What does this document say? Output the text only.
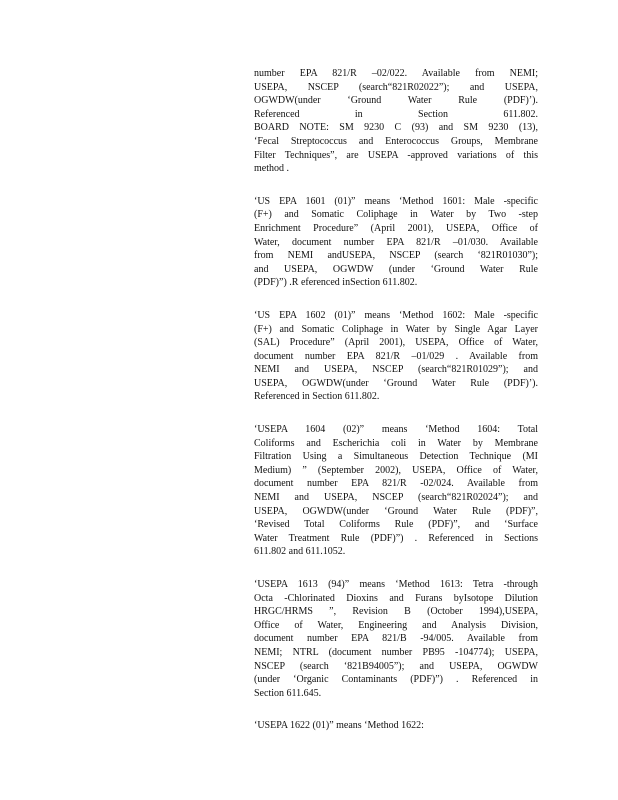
number EPA 821/R –02/022. Available from NEMI;
USEPA, NSCEP (search“821R02022”); and USEPA,
OGWDW(under ‘Ground Water Rule (PDF)’).
Referenced in Section 611.802.
BOARD NOTE: SM 9230 C (93) and SM 9230 (13),
‘Fecal Streptococcus and Enterococcus Groups, Membrane
Filter Techniques”, are USEPA -approved variations of this
method .
‘US EPA 1601 (01)” means ‘Method 1601: Male -specific
(F+) and Somatic Coliphage in Water by Two -step
Enrichment Procedure” (April 2001), USEPA, Office of
Water, document number EPA 821/R –01/030. Available
from NEMI andUSEPA, NSCEP (search ‘821R01030”);
and USEPA, OGWDW (under ‘Ground Water Rule
(PDF)”) .R eferenced inSection 611.802.
‘US EPA 1602 (01)” means ‘Method 1602: Male -specific
(F+) and Somatic Coliphage in Water by Single Agar Layer
(SAL) Procedure” (April 2001), USEPA, Office of Water,
document number EPA 821/R –01/029 . Available from
NEMI and USEPA, NSCEP (search“821R01029”); and
USEPA, OGWDW(under ‘Ground Water Rule (PDF)’).
Referenced in Section 611.802.
‘USEPA 1604 (02)” means ‘Method 1604: Total
Coliforms and Escherichia coli in Water by Membrane
Filtration Using a Simultaneous Detection Technique (MI
Medium) ” (September 2002), USEPA, Office of Water,
document number EPA 821/R -02/024. Available from
NEMI and USEPA, NSCEP (search“821R02024”); and
USEPA, OGWDW(under ‘Ground Water Rule (PDF)”,
‘Revised Total Coliforms Rule (PDF)”, and ‘Surface
Water Treatment Rule (PDF)”) . Referenced in Sections
611.802 and 611.1052.
‘USEPA 1613 (94)” means ‘Method 1613: Tetra -through
Octa -Chlorinated Dioxins and Furans byIsotope Dilution
HRGC/HRMS ”, Revision B (October 1994),USEPA,
Office of Water, Engineering and Analysis Division,
document number EPA 821/B -94/005. Available from
NEMI; NTRL (document number PB95 -104774); USEPA,
NSCEP (search ‘821B94005”); and USEPA, OGWDW
(under ‘Organic Contaminants (PDF)”) . Referenced in
Section 611.645.
‘USEPA 1622 (01)” means ‘Method 1622:
